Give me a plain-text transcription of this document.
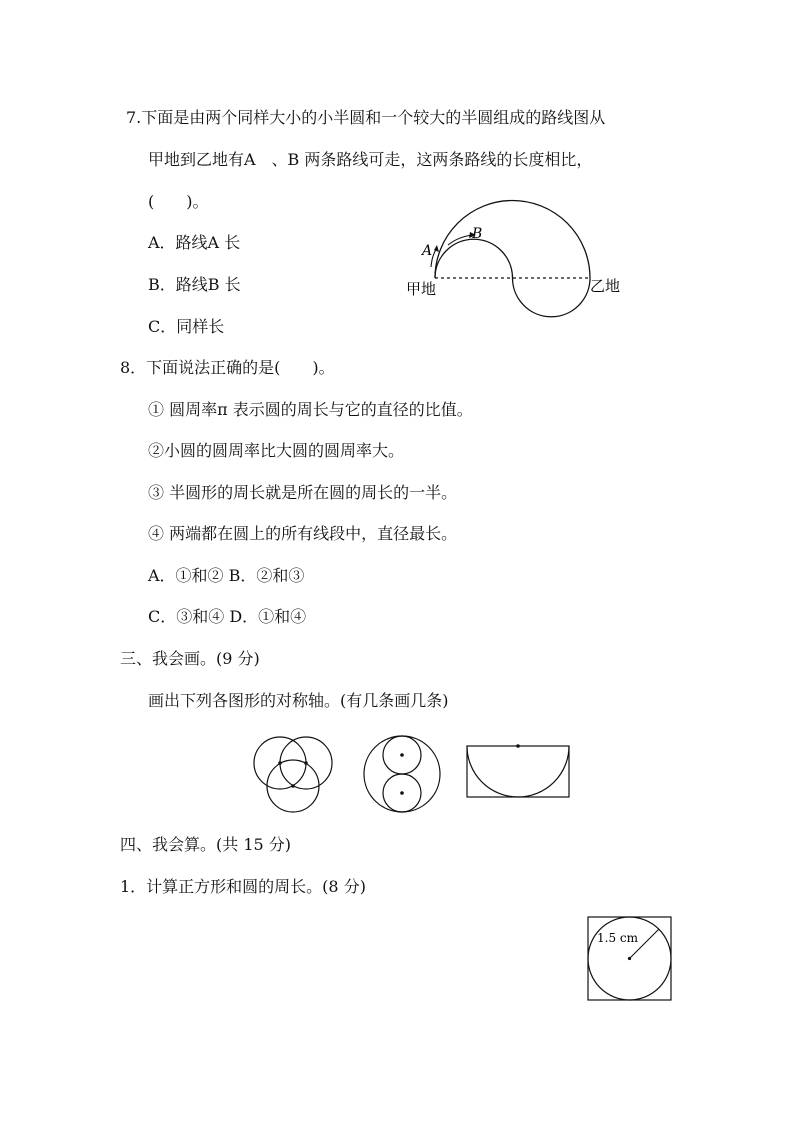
7.下面是由两个同样大小的小半圆和一个较大的半圆组成的路线图从
甲地到乙地有A　、B 两条路线可走，这两条路线的长度相比，
(　　)。
A．路线A 长
B．路线B 长
C．同样长
A
B
甲地	乙地
8．下面说法正确的是(　　)。
① 圆周率π 表示圆的周长与它的直径的比值。
②小圆的圆周率比大圆的圆周率大。
③ 半圆形的周长就是所在圆的周长的一半。
④ 两端都在圆上的所有线段中，直径最长。
A．①和② B．②和③
C．③和④ D．①和④
三、我会画。(9 分)
画出下列各图形的对称轴。(有几条画几条)
四、我会算。(共 15 分)
1．计算正方形和圆的周长。(8 分)
1.5 cm
